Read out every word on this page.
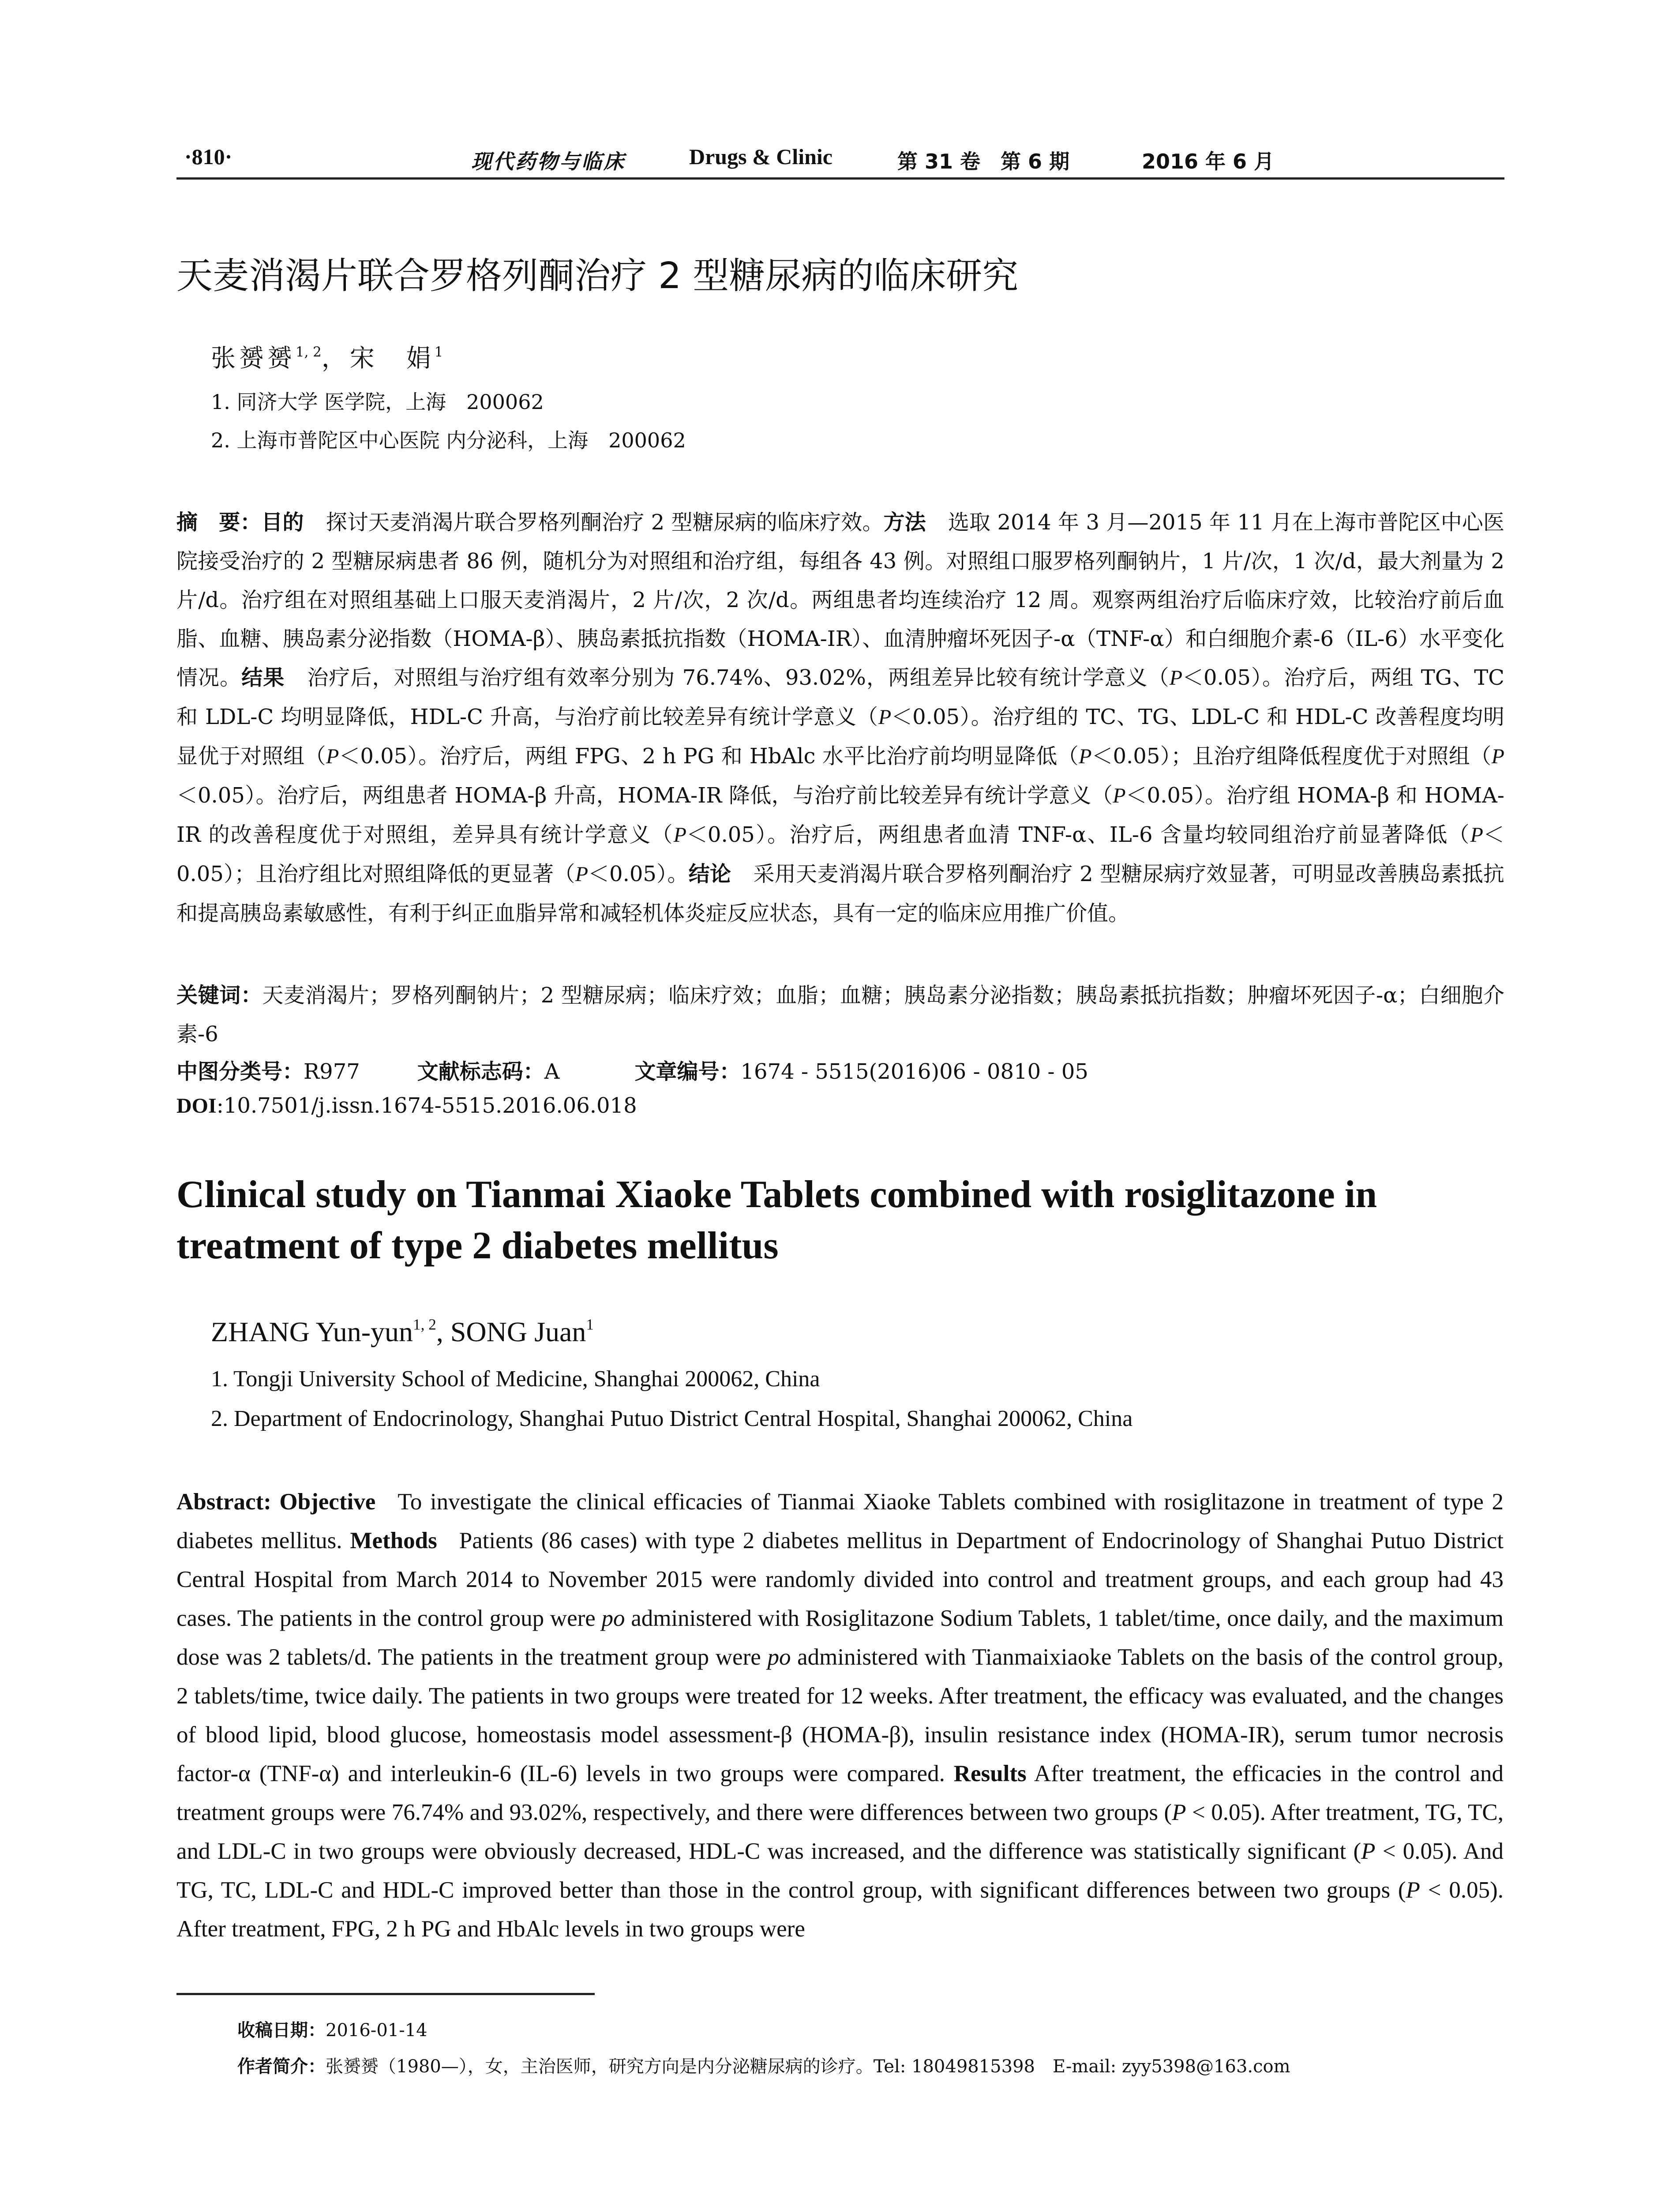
·810·	现代药物与临床	Drugs & Clinic	第 31 卷　第 6 期	2016 年 6 月
天麦消渴片联合罗格列酮治疗 2 型糖尿病的临床研究
张赟赟$^{1, 2}$，宋　娟$^1$
1. 同济大学 医学院，上海　200062
2. 上海市普陀区中心医院 内分泌科，上海　200062
摘　要：目的 探讨天麦消渴片联合罗格列酮治疗 2 型糖尿病的临床疗效。方法 选取 2014 年 3 月—2015 年 11 月在上海市普陀区中心医院接受治疗的 2 型糖尿病患者 86 例，随机分为对照组和治疗组，每组各 43 例。对照组口服罗格列酮钠片，1 片/次，1 次/d，最大剂量为 2 片/d。治疗组在对照组基础上口服天麦消渴片，2 片/次，2 次/d。两组患者均连续治疗 12 周。观察两组治疗后临床疗效，比较治疗前后血脂、血糖、胰岛素分泌指数（HOMA-β）、胰岛素抵抗指数（HOMA-IR）、血清肿瘤坏死因子-α（TNF-α）和白细胞介素-6（IL-6）水平变化情况。结果 治疗后，对照组与治疗组有效率分别为 76.74%、93.02%，两组差异比较有统计学意义（P＜0.05）。治疗后，两组 TG、TC 和 LDL-C 均明显降低，HDL-C 升高，与治疗前比较差异有统计学意义（P＜0.05）。治疗组的 TC、TG、LDL-C 和 HDL-C 改善程度均明显优于对照组（P＜0.05）。治疗后，两组 FPG、2 h PG 和 HbAlc 水平比治疗前均明显降低（P＜0.05）；且治疗组降低程度优于对照组（P＜0.05）。治疗后，两组患者 HOMA-β 升高，HOMA-IR 降低，与治疗前比较差异有统计学意义（P＜0.05）。治疗组 HOMA-β 和 HOMA-IR 的改善程度优于对照组，差异具有统计学意义（P＜0.05）。治疗后，两组患者血清 TNF-α、IL-6 含量均较同组治疗前显著降低（P＜0.05）；且治疗组比对照组降低的更显著（P＜0.05）。结论 采用天麦消渴片联合罗格列酮治疗 2 型糖尿病疗效显著，可明显改善胰岛素抵抗和提高胰岛素敏感性，有利于纠正血脂异常和减轻机体炎症反应状态，具有一定的临床应用推广价值。
关键词：天麦消渴片；罗格列酮钠片；2 型糖尿病；临床疗效；血脂；血糖；胰岛素分泌指数；胰岛素抵抗指数；肿瘤坏死因子-α；白细胞介素-6
中图分类号：R977	文献标志码：A	文章编号：1674 - 5515(2016)06 - 0810 - 05
DOI:10.7501/j.issn.1674-5515.2016.06.018
Clinical study on Tianmai Xiaoke Tablets combined with rosiglitazone in treatment of type 2 diabetes mellitus
ZHANG Yun-yun$^{1, 2}$, SONG Juan$^1$
1. Tongji University School of Medicine, Shanghai 200062, China
2. Department of Endocrinology, Shanghai Putuo District Central Hospital, Shanghai 200062, China
Abstract: Objective To investigate the clinical efficacies of Tianmai Xiaoke Tablets combined with rosiglitazone in treatment of type 2 diabetes mellitus. Methods Patients (86 cases) with type 2 diabetes mellitus in Department of Endocrinology of Shanghai Putuo District Central Hospital from March 2014 to November 2015 were randomly divided into control and treatment groups, and each group had 43 cases. The patients in the control group were po administered with Rosiglitazone Sodium Tablets, 1 tablet/time, once daily, and the maximum dose was 2 tablets/d. The patients in the treatment group were po administered with Tianmaixiaoke Tablets on the basis of the control group, 2 tablets/time, twice daily. The patients in two groups were treated for 12 weeks. After treatment, the efficacy was evaluated, and the changes of blood lipid, blood glucose, homeostasis model assessment-β (HOMA-β), insulin resistance index (HOMA-IR), serum tumor necrosis factor-α (TNF-α) and interleukin-6 (IL-6) levels in two groups were compared. Results After treatment, the efficacies in the control and treatment groups were 76.74% and 93.02%, respectively, and there were differences between two groups (P < 0.05). After treatment, TG, TC, and LDL-C in two groups were obviously decreased, HDL-C was increased, and the difference was statistically significant (P < 0.05). And TG, TC, LDL-C and HDL-C improved better than those in the control group, with significant differences between two groups (P < 0.05). After treatment, FPG, 2 h PG and HbAlc levels in two groups were
收稿日期：2016-01-14
作者简介：张赟赟（1980—），女，主治医师，研究方向是内分泌糖尿病的诊疗。Tel: 18049815398　E-mail: zyy5398@163.com
